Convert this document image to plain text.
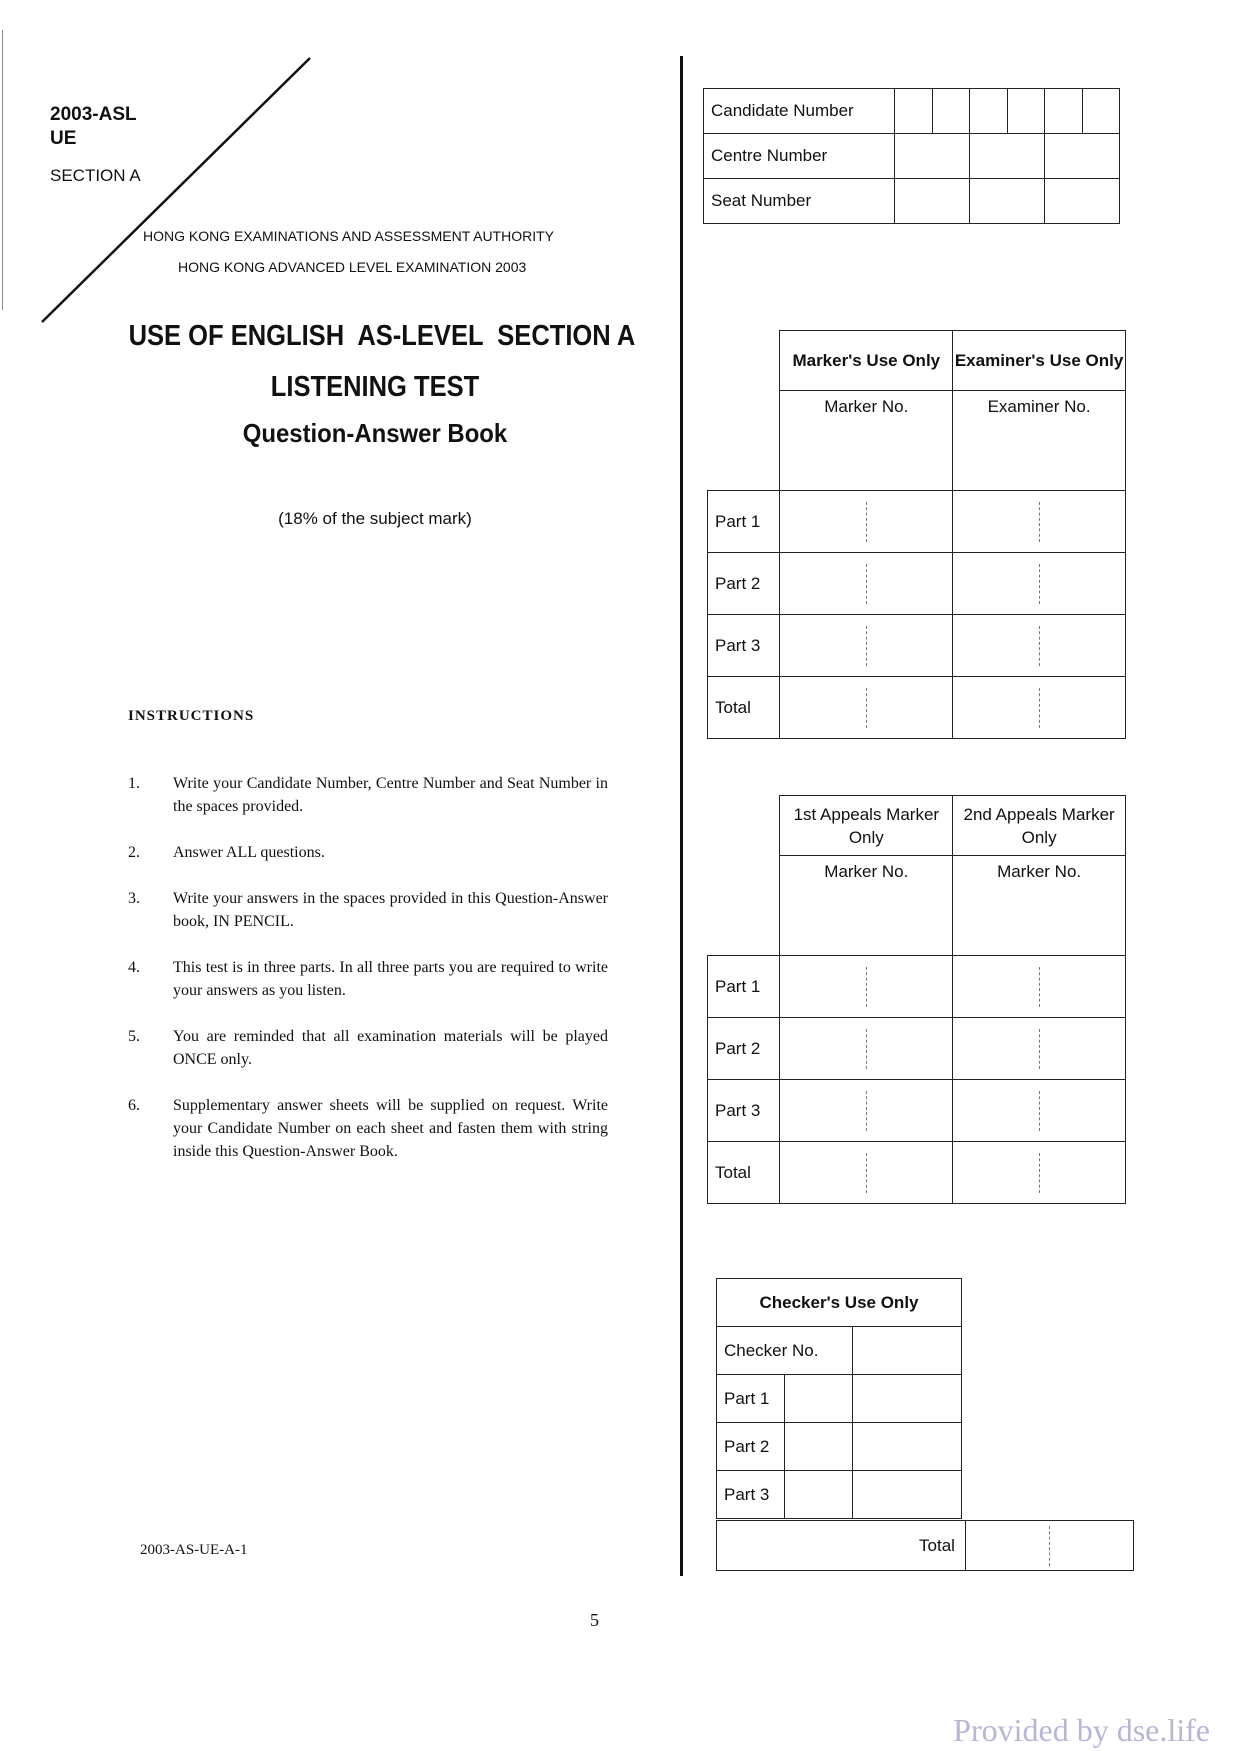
2003-ASL
UE
SECTION A
HONG KONG EXAMINATIONS AND ASSESSMENT AUTHORITY
HONG KONG ADVANCED LEVEL EXAMINATION 2003
USE OF ENGLISH  AS-LEVEL  SECTION A
LISTENING TEST
Question-Answer Book
(18% of the subject mark)
INSTRUCTIONS
1.	Write your Candidate Number, Centre Number and Seat Number in the spaces provided.
2.	Answer ALL questions.
3.	Write your answers in the spaces provided in this Question-Answer book, IN PENCIL.
4.	This test is in three parts. In all three parts you are required to write your answers as you listen.
5.	You are reminded that all examination materials will be played ONCE only.
6.	Supplementary answer sheets will be supplied on request. Write your Candidate Number on each sheet and fasten them with string inside this Question-Answer Book.
2003-AS-UE-A-1
5
Provided by dse.life
Candidate Number						
Centre Number						
Seat Number						
	Marker's Use Only	Examiner's Use Only
	Marker No.	Examiner No.
Part 1	

Part 2	

Part 3	

Total	

	1st Appeals Marker Only	2nd Appeals Marker Only
	Marker No.	Marker No.
Part 1	

Part 2	

Part 3	

Total	

Checker's Use Only		
Checker No.		
Part 1		
Part 2		
Part 3		
Total	
